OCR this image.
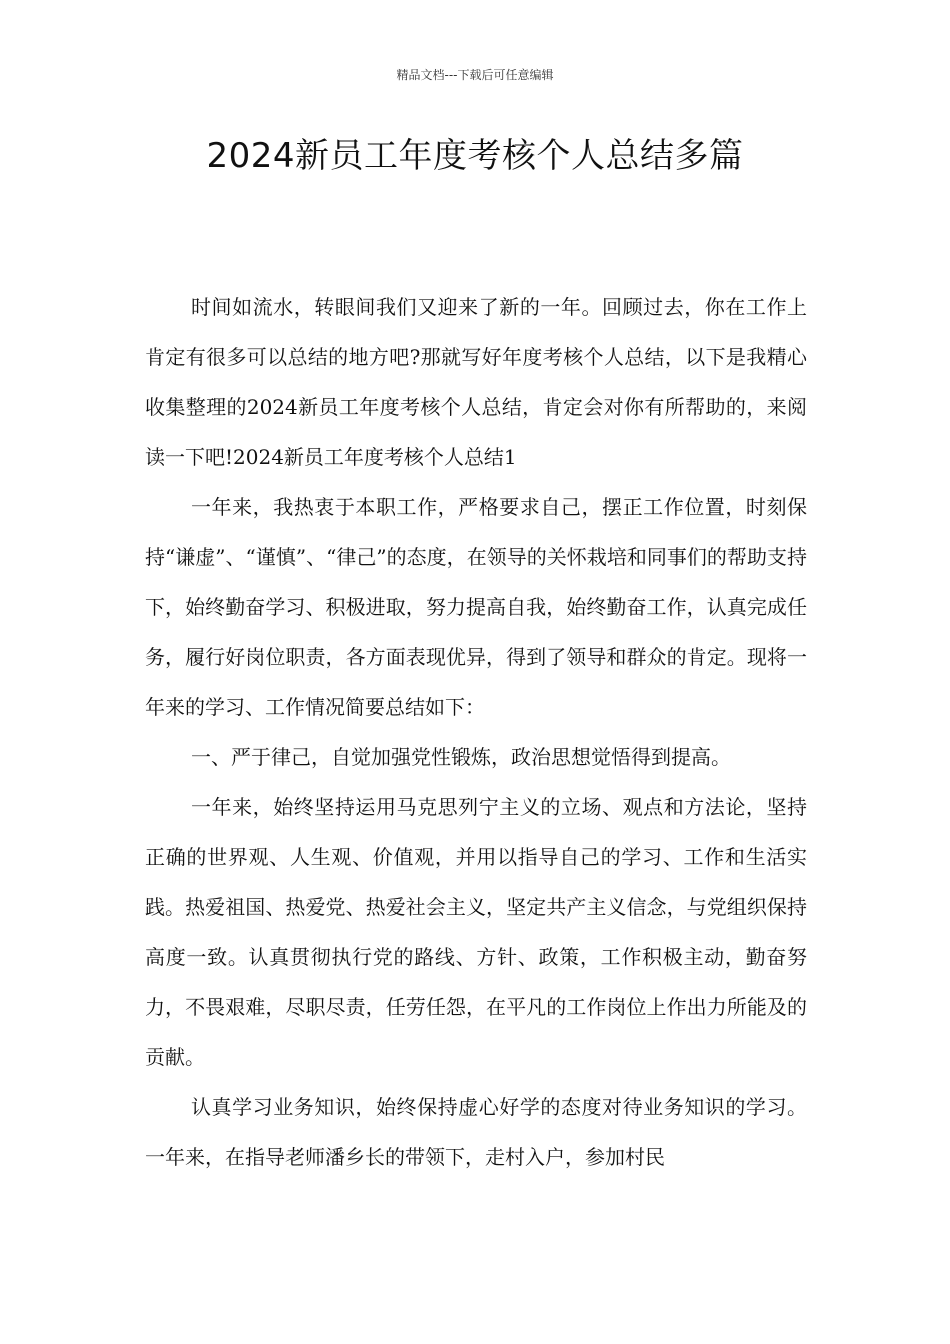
精品文档---下载后可任意编辑
2024新员工年度考核个人总结多篇

时间如流水，转眼间我们又迎来了新的一年。回顾过去，你在工作上肯定有很多可以总结的地方吧?那就写好年度考核个人总结，以下是我精心收集整理的2024新员工年度考核个人总结，肯定会对你有所帮助的，来阅读一下吧!2024新员工年度考核个人总结1

一年来，我热衷于本职工作，严格要求自己，摆正工作位置，时刻保持“谦虚”、“谨慎”、“律己”的态度，在领导的关怀栽培和同事们的帮助支持下，始终勤奋学习、积极进取，努力提高自我，始终勤奋工作，认真完成任务，履行好岗位职责，各方面表现优异，得到了领导和群众的肯定。现将一年来的学习、工作情况简要总结如下：

一、严于律己，自觉加强党性锻炼，政治思想觉悟得到提高。

一年来，始终坚持运用马克思列宁主义的立场、观点和方法论，坚持正确的世界观、人生观、价值观，并用以指导自己的学习、工作和生活实践。热爱祖国、热爱党、热爱社会主义，坚定共产主义信念，与党组织保持高度一致。认真贯彻执行党的路线、方针、政策，工作积极主动，勤奋努力，不畏艰难，尽职尽责，任劳任怨，在平凡的工作岗位上作出力所能及的贡献。

认真学习业务知识，始终保持虚心好学的态度对待业务知识的学习。一年来，在指导老师潘乡长的带领下，走村入户，参加村民
